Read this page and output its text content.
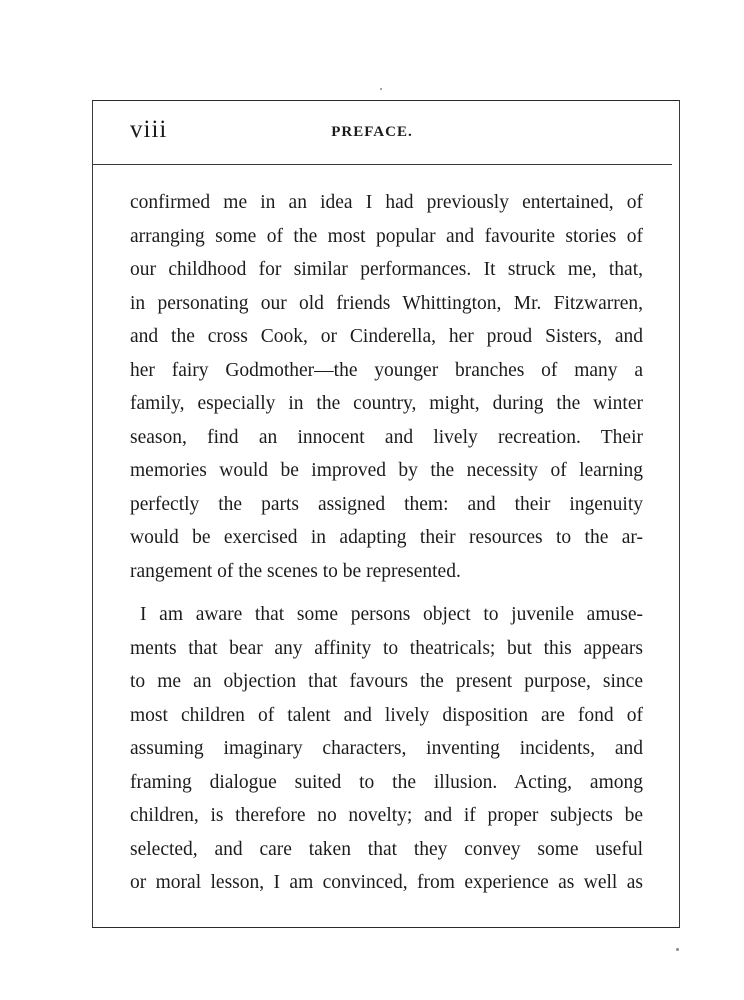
viii	PREFACE.

confirmed me in an idea I had previously entertained, of
arranging some of the most popular and favourite stories of
our childhood for similar performances. It struck me, that,
in personating our old friends Whittington, Mr. Fitzwarren,
and the cross Cook, or Cinderella, her proud Sisters, and
her fairy Godmother—the younger branches of many a
family, especially in the country, might, during the winter
season, find an innocent and lively recreation. Their
memories would be improved by the necessity of learning
perfectly the parts assigned them: and their ingenuity
would be exercised in adapting their resources to the ar-
rangement of the scenes to be represented.
I am aware that some persons object to juvenile amuse-
ments that bear any affinity to theatricals; but this appears
to me an objection that favours the present purpose, since
most children of talent and lively disposition are fond of
assuming imaginary characters, inventing incidents, and
framing dialogue suited to the illusion. Acting, among
children, is therefore no novelty; and if proper subjects be
selected, and care taken that they convey some useful
or moral lesson, I am convinced, from experience as well as
